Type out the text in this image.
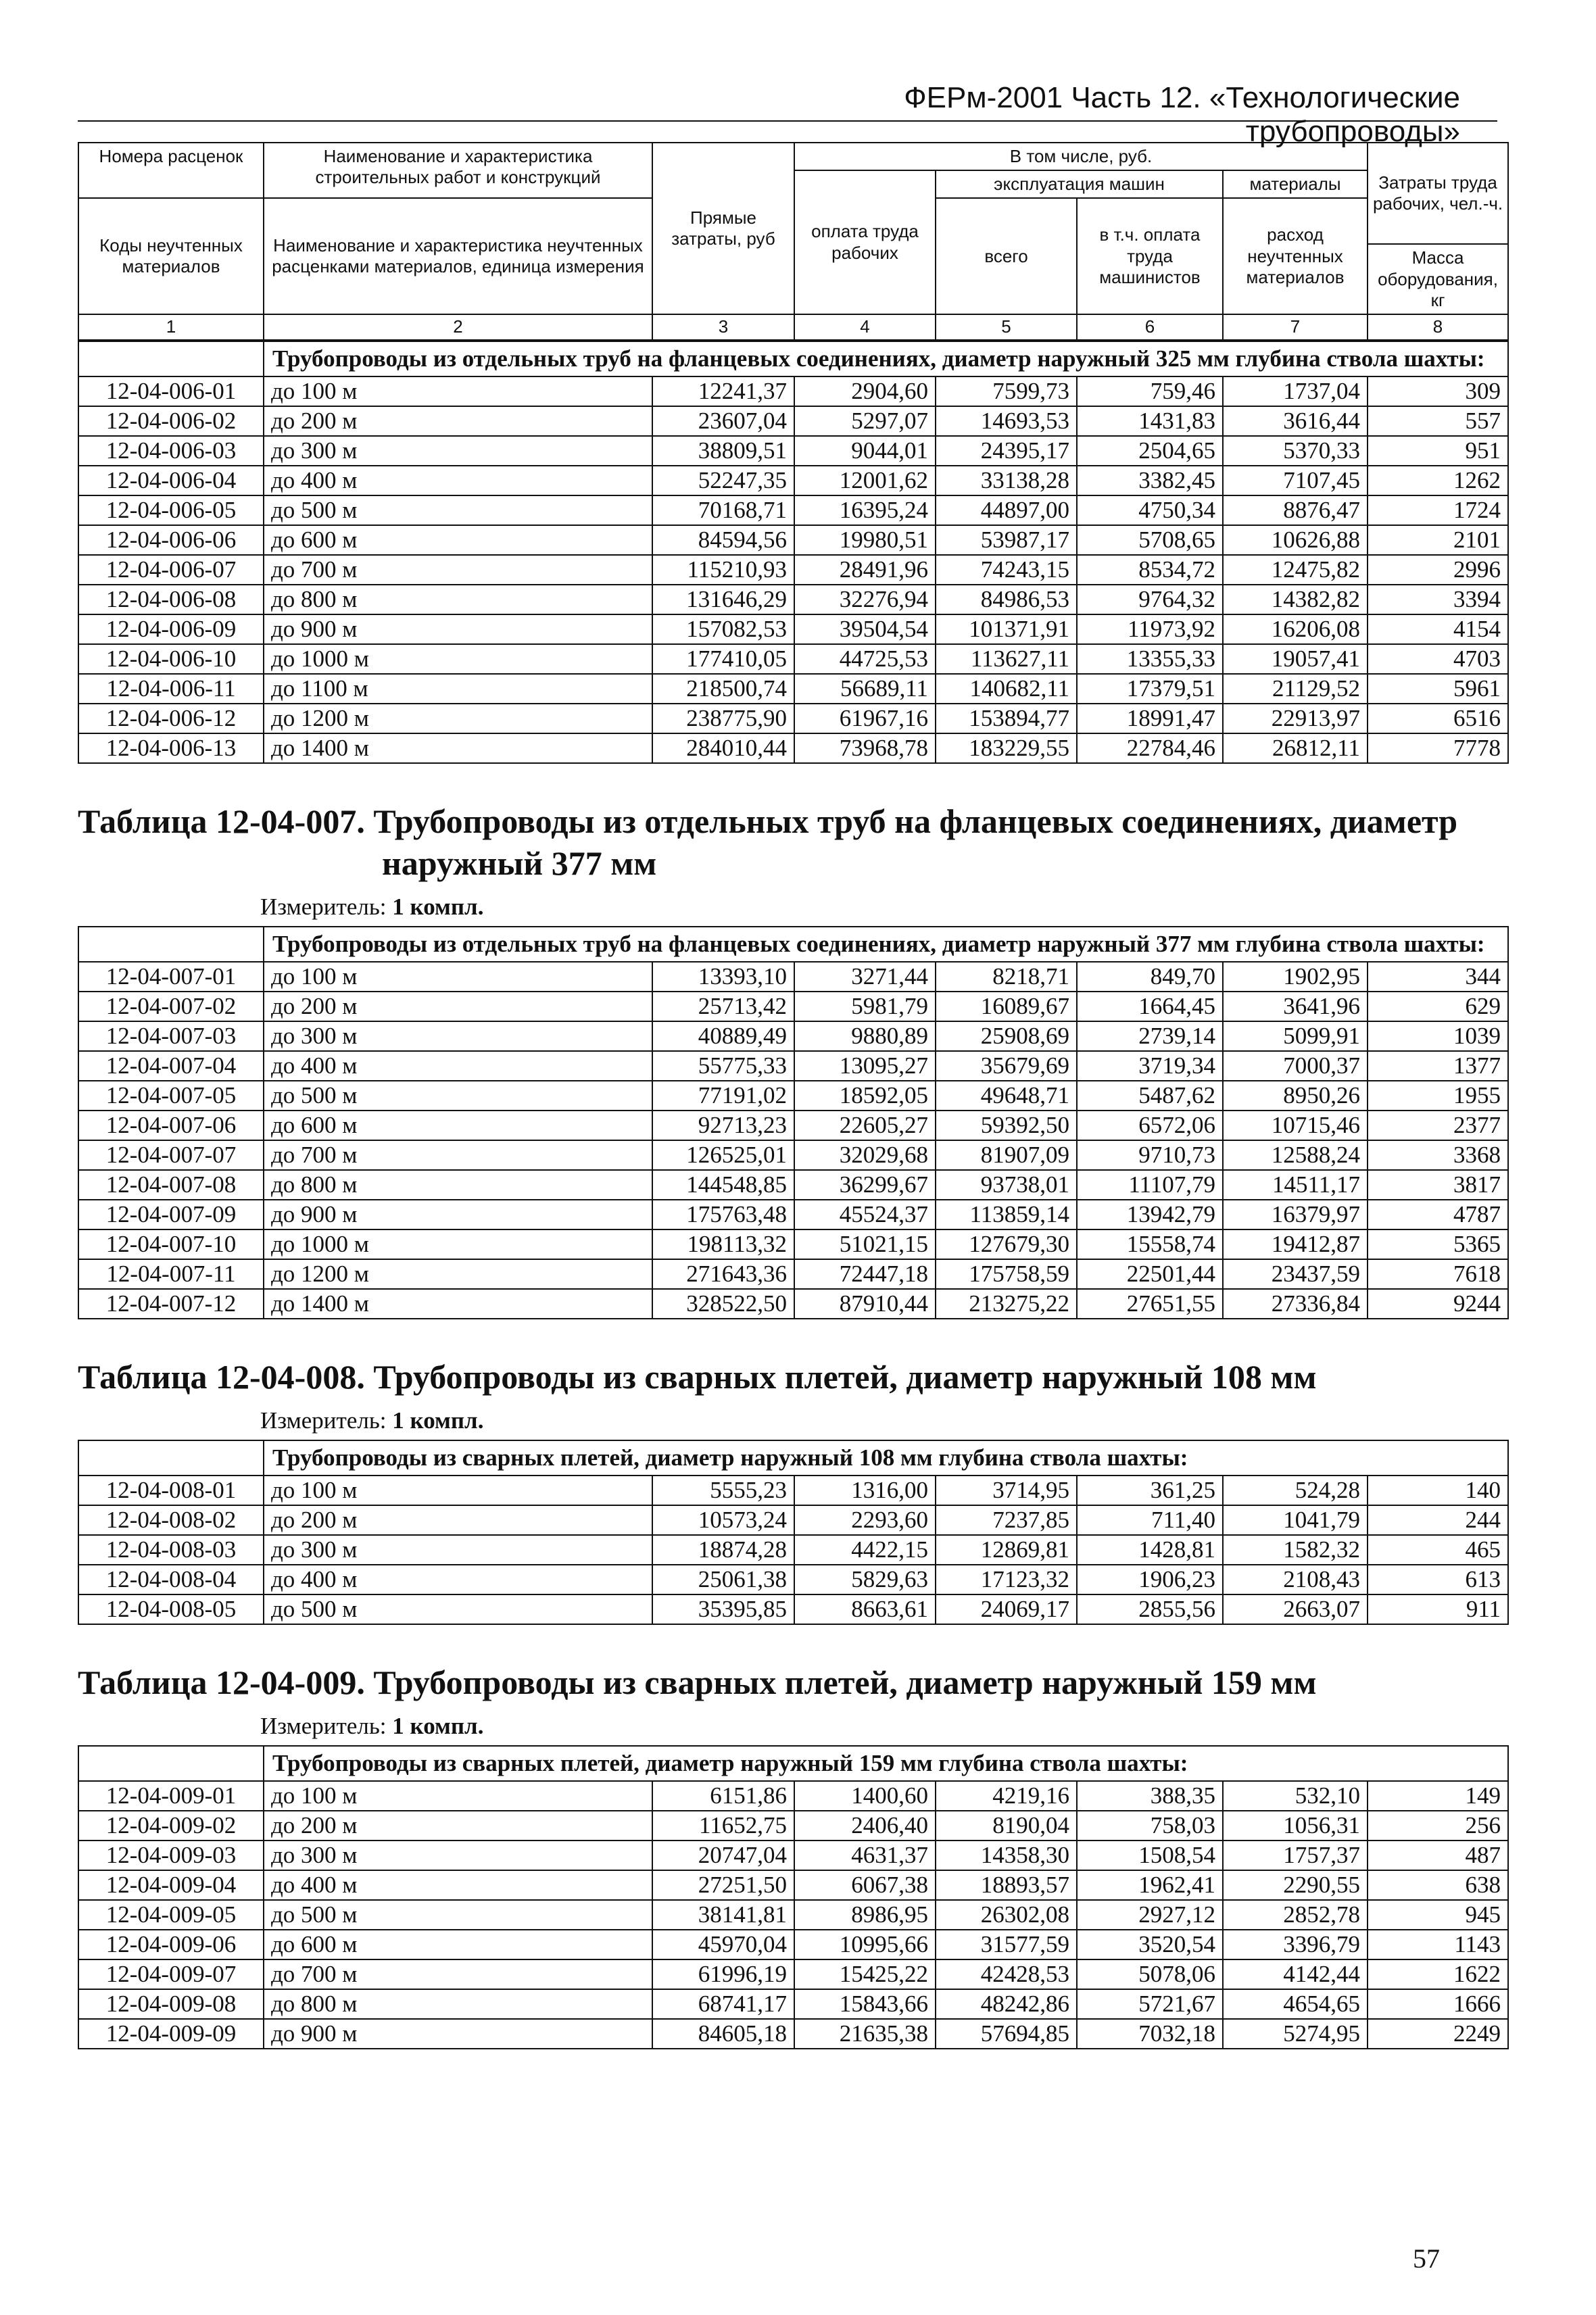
ФЕРм-2001 Часть 12. «Технологические трубопроводы»
Номера расценок	Наименование и характеристика строительных работ и конструкций	Прямые затраты, руб	В том числе, руб.				Затраты труда рабочих, чел.-ч.
			оплата труда рабочих	эксплуатация машин		материалы	
Коды неучтенных материалов	Наименование и характеристика неучтенных расценками материалов, единица измерения			всего	в т.ч. оплата труда машинистов	расход неучтенных материалов	
							Масса оборудования, кг
1	2	3	4	5	6	7	8
	Трубопроводы из отдельных труб на фланцевых соединениях, диаметр наружный 325 мм глубина ствола шахты:						
12-04-006-01	до 100 м	12241,37	2904,60	7599,73	759,46	1737,04	309
12-04-006-02	до 200 м	23607,04	5297,07	14693,53	1431,83	3616,44	557
12-04-006-03	до 300 м	38809,51	9044,01	24395,17	2504,65	5370,33	951
12-04-006-04	до 400 м	52247,35	12001,62	33138,28	3382,45	7107,45	1262
12-04-006-05	до 500 м	70168,71	16395,24	44897,00	4750,34	8876,47	1724
12-04-006-06	до 600 м	84594,56	19980,51	53987,17	5708,65	10626,88	2101
12-04-006-07	до 700 м	115210,93	28491,96	74243,15	8534,72	12475,82	2996
12-04-006-08	до 800 м	131646,29	32276,94	84986,53	9764,32	14382,82	3394
12-04-006-09	до 900 м	157082,53	39504,54	101371,91	11973,92	16206,08	4154
12-04-006-10	до 1000 м	177410,05	44725,53	113627,11	13355,33	19057,41	4703
12-04-006-11	до 1100 м	218500,74	56689,11	140682,11	17379,51	21129,52	5961
12-04-006-12	до 1200 м	238775,90	61967,16	153894,77	18991,47	22913,97	6516
12-04-006-13	до 1400 м	284010,44	73968,78	183229,55	22784,46	26812,11	7778
Таблица 12-04-007. Трубопроводы из отдельных труб на фланцевых соединениях, диаметр
наружный 377 мм
Измеритель: 1 компл.
	Трубопроводы из отдельных труб на фланцевых соединениях, диаметр наружный 377 мм глубина ствола шахты:						
12-04-007-01	до 100 м	13393,10	3271,44	8218,71	849,70	1902,95	344
12-04-007-02	до 200 м	25713,42	5981,79	16089,67	1664,45	3641,96	629
12-04-007-03	до 300 м	40889,49	9880,89	25908,69	2739,14	5099,91	1039
12-04-007-04	до 400 м	55775,33	13095,27	35679,69	3719,34	7000,37	1377
12-04-007-05	до 500 м	77191,02	18592,05	49648,71	5487,62	8950,26	1955
12-04-007-06	до 600 м	92713,23	22605,27	59392,50	6572,06	10715,46	2377
12-04-007-07	до 700 м	126525,01	32029,68	81907,09	9710,73	12588,24	3368
12-04-007-08	до 800 м	144548,85	36299,67	93738,01	11107,79	14511,17	3817
12-04-007-09	до 900 м	175763,48	45524,37	113859,14	13942,79	16379,97	4787
12-04-007-10	до 1000 м	198113,32	51021,15	127679,30	15558,74	19412,87	5365
12-04-007-11	до 1200 м	271643,36	72447,18	175758,59	22501,44	23437,59	7618
12-04-007-12	до 1400 м	328522,50	87910,44	213275,22	27651,55	27336,84	9244
Таблица 12-04-008. Трубопроводы из сварных плетей, диаметр наружный 108 мм
Измеритель: 1 компл.
	Трубопроводы из сварных плетей, диаметр наружный 108 мм глубина ствола шахты:						
12-04-008-01	до 100 м	5555,23	1316,00	3714,95	361,25	524,28	140
12-04-008-02	до 200 м	10573,24	2293,60	7237,85	711,40	1041,79	244
12-04-008-03	до 300 м	18874,28	4422,15	12869,81	1428,81	1582,32	465
12-04-008-04	до 400 м	25061,38	5829,63	17123,32	1906,23	2108,43	613
12-04-008-05	до 500 м	35395,85	8663,61	24069,17	2855,56	2663,07	911
Таблица 12-04-009. Трубопроводы из сварных плетей, диаметр наружный 159 мм
Измеритель: 1 компл.
	Трубопроводы из сварных плетей, диаметр наружный 159 мм глубина ствола шахты:						
12-04-009-01	до 100 м	6151,86	1400,60	4219,16	388,35	532,10	149
12-04-009-02	до 200 м	11652,75	2406,40	8190,04	758,03	1056,31	256
12-04-009-03	до 300 м	20747,04	4631,37	14358,30	1508,54	1757,37	487
12-04-009-04	до 400 м	27251,50	6067,38	18893,57	1962,41	2290,55	638
12-04-009-05	до 500 м	38141,81	8986,95	26302,08	2927,12	2852,78	945
12-04-009-06	до 600 м	45970,04	10995,66	31577,59	3520,54	3396,79	1143
12-04-009-07	до 700 м	61996,19	15425,22	42428,53	5078,06	4142,44	1622
12-04-009-08	до 800 м	68741,17	15843,66	48242,86	5721,67	4654,65	1666
12-04-009-09	до 900 м	84605,18	21635,38	57694,85	7032,18	5274,95	2249
57
